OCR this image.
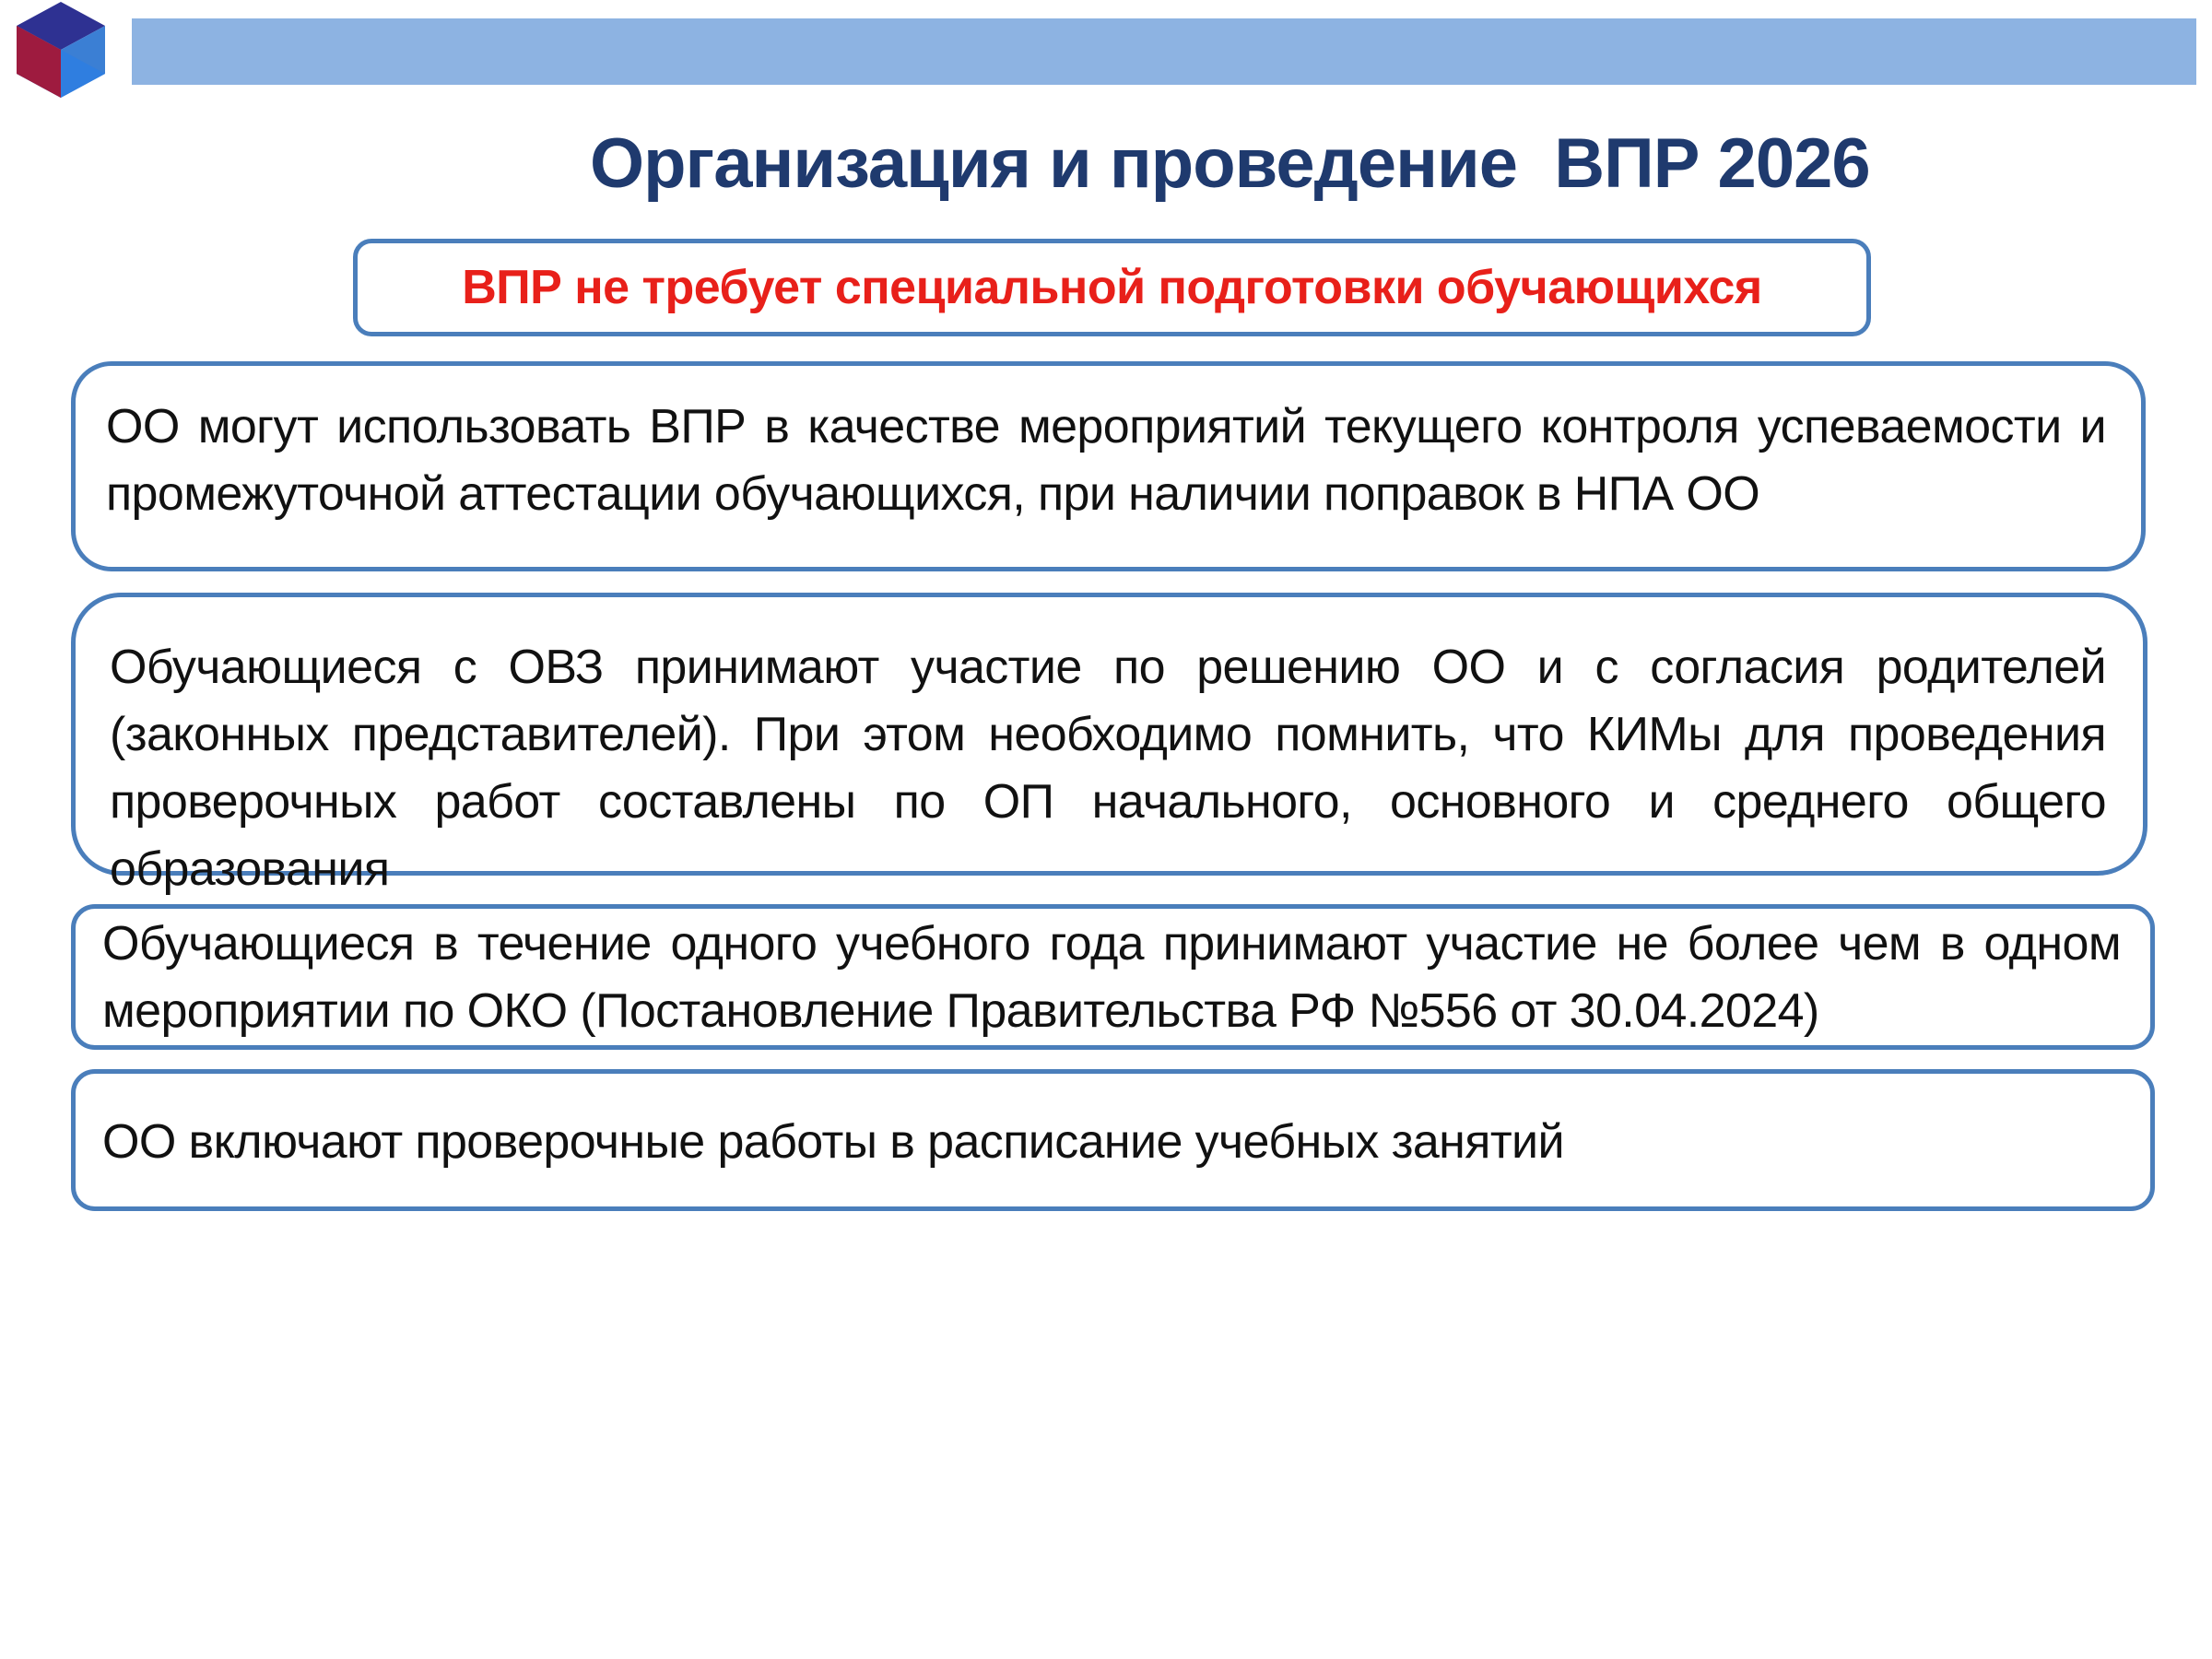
Организация и проведение  ВПР 2026
ВПР не требует специальной подготовки обучающихся
ОО могут использовать ВПР в качестве мероприятий текущего контроля успеваемости и промежуточной аттестации обучающихся, при наличии поправок в НПА ОО
Обучающиеся с ОВЗ принимают участие по решению ОО и с согласия родителей (законных представителей). При этом необходимо помнить, что КИМы для проведения проверочных работ составлены по ОП начального, основного и среднего общего образования
Обучающиеся в течение одного учебного года принимают участие не более чем в одном мероприятии по ОКО (Постановление Правительства РФ №556 от 30.04.2024)
ОО включают проверочные работы в расписание учебных занятий
